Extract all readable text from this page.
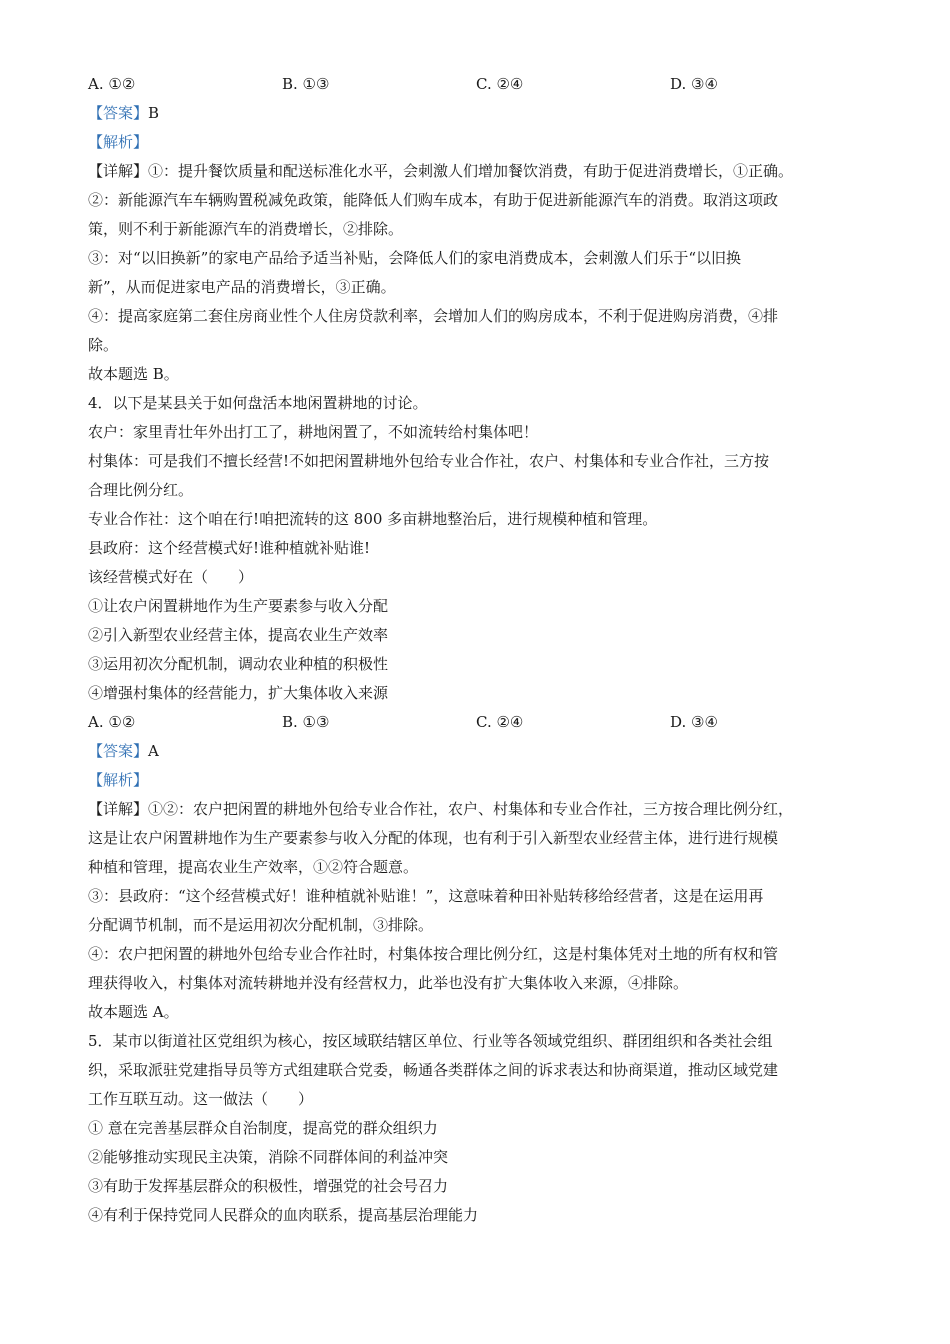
A. ①②	B. ①③	C. ②④	D. ③④
【答案】B
【解析】
【详解】①：提升餐饮质量和配送标准化水平，会刺激人们增加餐饮消费，有助于促进消费增长，①正确。
②：新能源汽车车辆购置税减免政策，能降低人们购车成本，有助于促进新能源汽车的消费。取消这项政
策，则不利于新能源汽车的消费增长，②排除。
③：对“以旧换新”的家电产品给予适当补贴，会降低人们的家电消费成本，会刺激人们乐于“以旧换
新”，从而促进家电产品的消费增长，③正确。
④：提高家庭第二套住房商业性个人住房贷款利率，会增加人们的购房成本，不利于促进购房消费，④排
除。
故本题选 B。
4．以下是某县关于如何盘活本地闲置耕地的讨论。
农户：家里青壮年外出打工了，耕地闲置了，不如流转给村集体吧！
村集体：可是我们不擅长经营!不如把闲置耕地外包给专业合作社，农户、村集体和专业合作社，三方按
合理比例分红。
专业合作社：这个咱在行!咱把流转的这 800 多亩耕地整治后，进行规模种植和管理。
县政府：这个经营模式好!谁种植就补贴谁!
该经营模式好在（　　）
①让农户闲置耕地作为生产要素参与收入分配
②引入新型农业经营主体，提高农业生产效率
③运用初次分配机制，调动农业种植的积极性
④增强村集体的经营能力，扩大集体收入来源
A. ①②	B. ①③	C. ②④	D. ③④
【答案】A
【解析】
【详解】①②：农户把闲置的耕地外包给专业合作社，农户、村集体和专业合作社，三方按合理比例分红，
这是让农户闲置耕地作为生产要素参与收入分配的体现，也有利于引入新型农业经营主体，进行进行规模
种植和管理，提高农业生产效率，①②符合题意。
③：县政府：“这个经营模式好！谁种植就补贴谁！”，这意味着种田补贴转移给经营者，这是在运用再
分配调节机制，而不是运用初次分配机制，③排除。
④：农户把闲置的耕地外包给专业合作社时，村集体按合理比例分红，这是村集体凭对土地的所有权和管
理获得收入，村集体对流转耕地并没有经营权力，此举也没有扩大集体收入来源，④排除。
故本题选 A。
5．某市以街道社区党组织为核心，按区域联结辖区单位、行业等各领域党组织、群团组织和各类社会组
织，采取派驻党建指导员等方式组建联合党委，畅通各类群体之间的诉求表达和协商渠道，推动区域党建
工作互联互动。这一做法（　　）
① 意在完善基层群众自治制度，提高党的群众组织力
②能够推动实现民主决策，消除不同群体间的利益冲突
③有助于发挥基层群众的积极性，增强党的社会号召力
④有利于保持党同人民群众的血肉联系，提高基层治理能力
